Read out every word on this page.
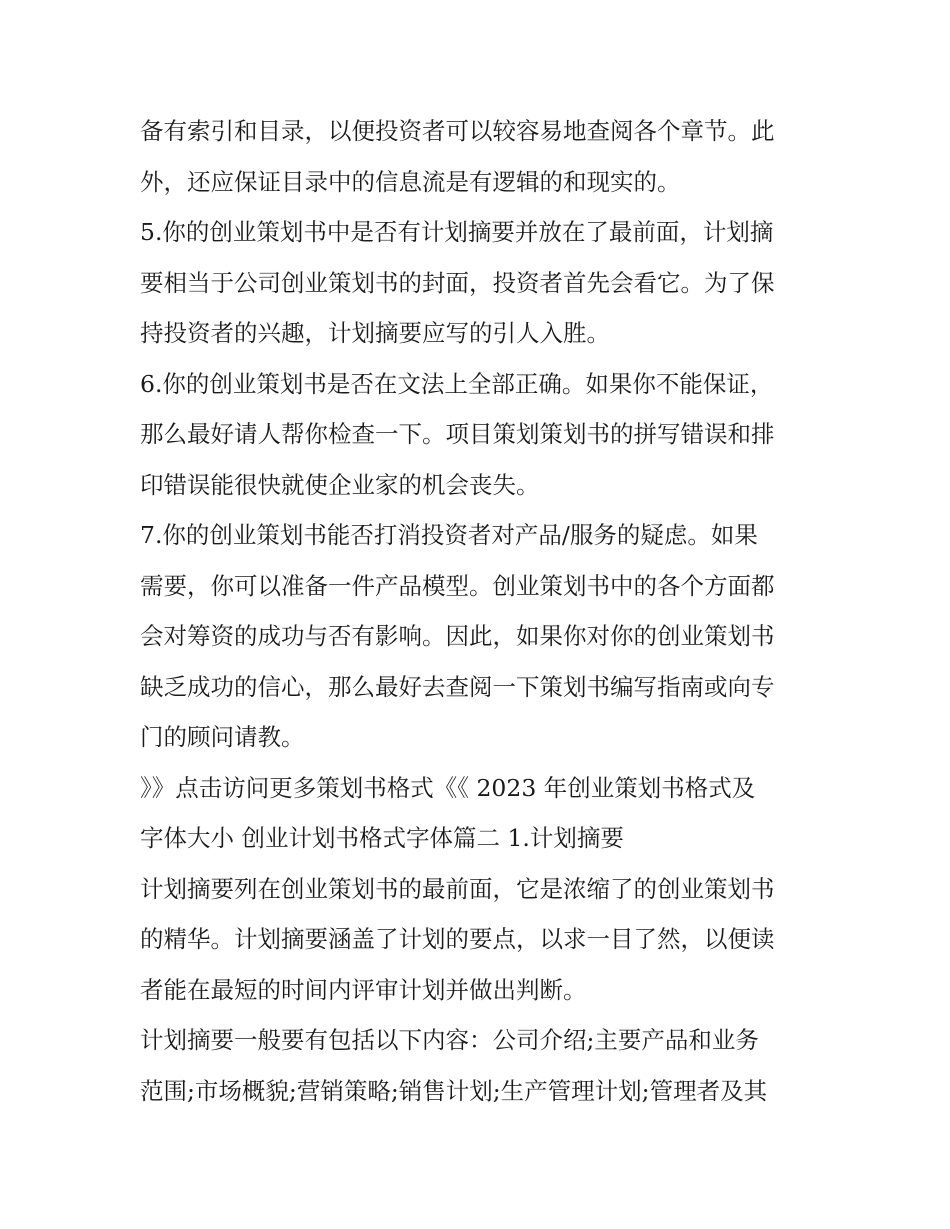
备有索引和目录，以便投资者可以较容易地查阅各个章节。此
外，还应保证目录中的信息流是有逻辑的和现实的。
5.你的创业策划书中是否有计划摘要并放在了最前面，计划摘
要相当于公司创业策划书的封面，投资者首先会看它。为了保
持投资者的兴趣，计划摘要应写的引人入胜。
6.你的创业策划书是否在文法上全部正确。如果你不能保证，
那么最好请人帮你检查一下。项目策划策划书的拼写错误和排
印错误能很快就使企业家的机会丧失。
7.你的创业策划书能否打消投资者对产品/服务的疑虑。如果
需要，你可以准备一件产品模型。创业策划书中的各个方面都
会对筹资的成功与否有影响。因此，如果你对你的创业策划书
缺乏成功的信心，那么最好去查阅一下策划书编写指南或向专
门的顾问请教。
》》点击访问更多策划书格式《《 2023 年创业策划书格式及
字体大小 创业计划书格式字体篇二 1.计划摘要
计划摘要列在创业策划书的最前面，它是浓缩了的创业策划书
的精华。计划摘要涵盖了计划的要点，以求一目了然，以便读
者能在最短的时间内评审计划并做出判断。
计划摘要一般要有包括以下内容：公司介绍;主要产品和业务
范围;市场概貌;营销策略;销售计划;生产管理计划;管理者及其
